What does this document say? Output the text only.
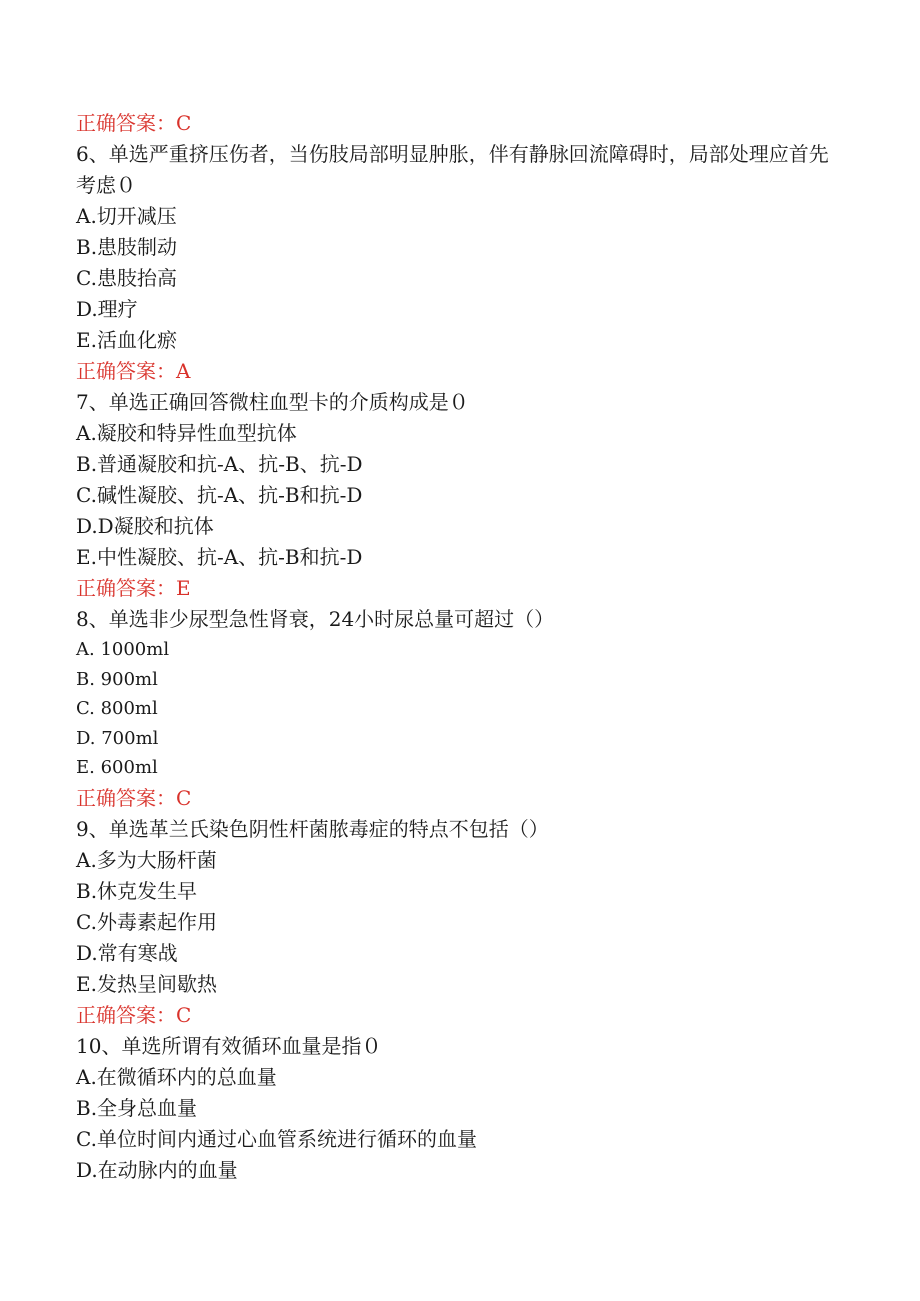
正确答案：C
6、单选严重挤压伤者，当伤肢局部明显肿胀，伴有静脉回流障碍时，局部处理应首先考虑０
A.切开减压
B.患肢制动
C.患肢抬高
D.理疗
E.活血化瘀
正确答案：A
7、单选正确回答微柱血型卡的介质构成是０
A.凝胶和特异性血型抗体
B.普通凝胶和抗-A、抗-B、抗-D
C.碱性凝胶、抗-A、抗-B和抗-D
D.D凝胶和抗体
E.中性凝胶、抗-A、抗-B和抗-D
正确答案：E
8、单选非少尿型急性肾衰，24小时尿总量可超过（）
A. 1000ml
B. 900ml
C. 800ml
D. 700ml
E. 600ml
正确答案：C
9、单选革兰氏染色阴性杆菌脓毒症的特点不包括（）
A.多为大肠杆菌
B.休克发生早
C.外毒素起作用
D.常有寒战
E.发热呈间歇热
正确答案：C
10、单选所谓有效循环血量是指０
A.在微循环内的总血量
B.全身总血量
C.单位时间内通过心血管系统进行循环的血量
D.在动脉内的血量
